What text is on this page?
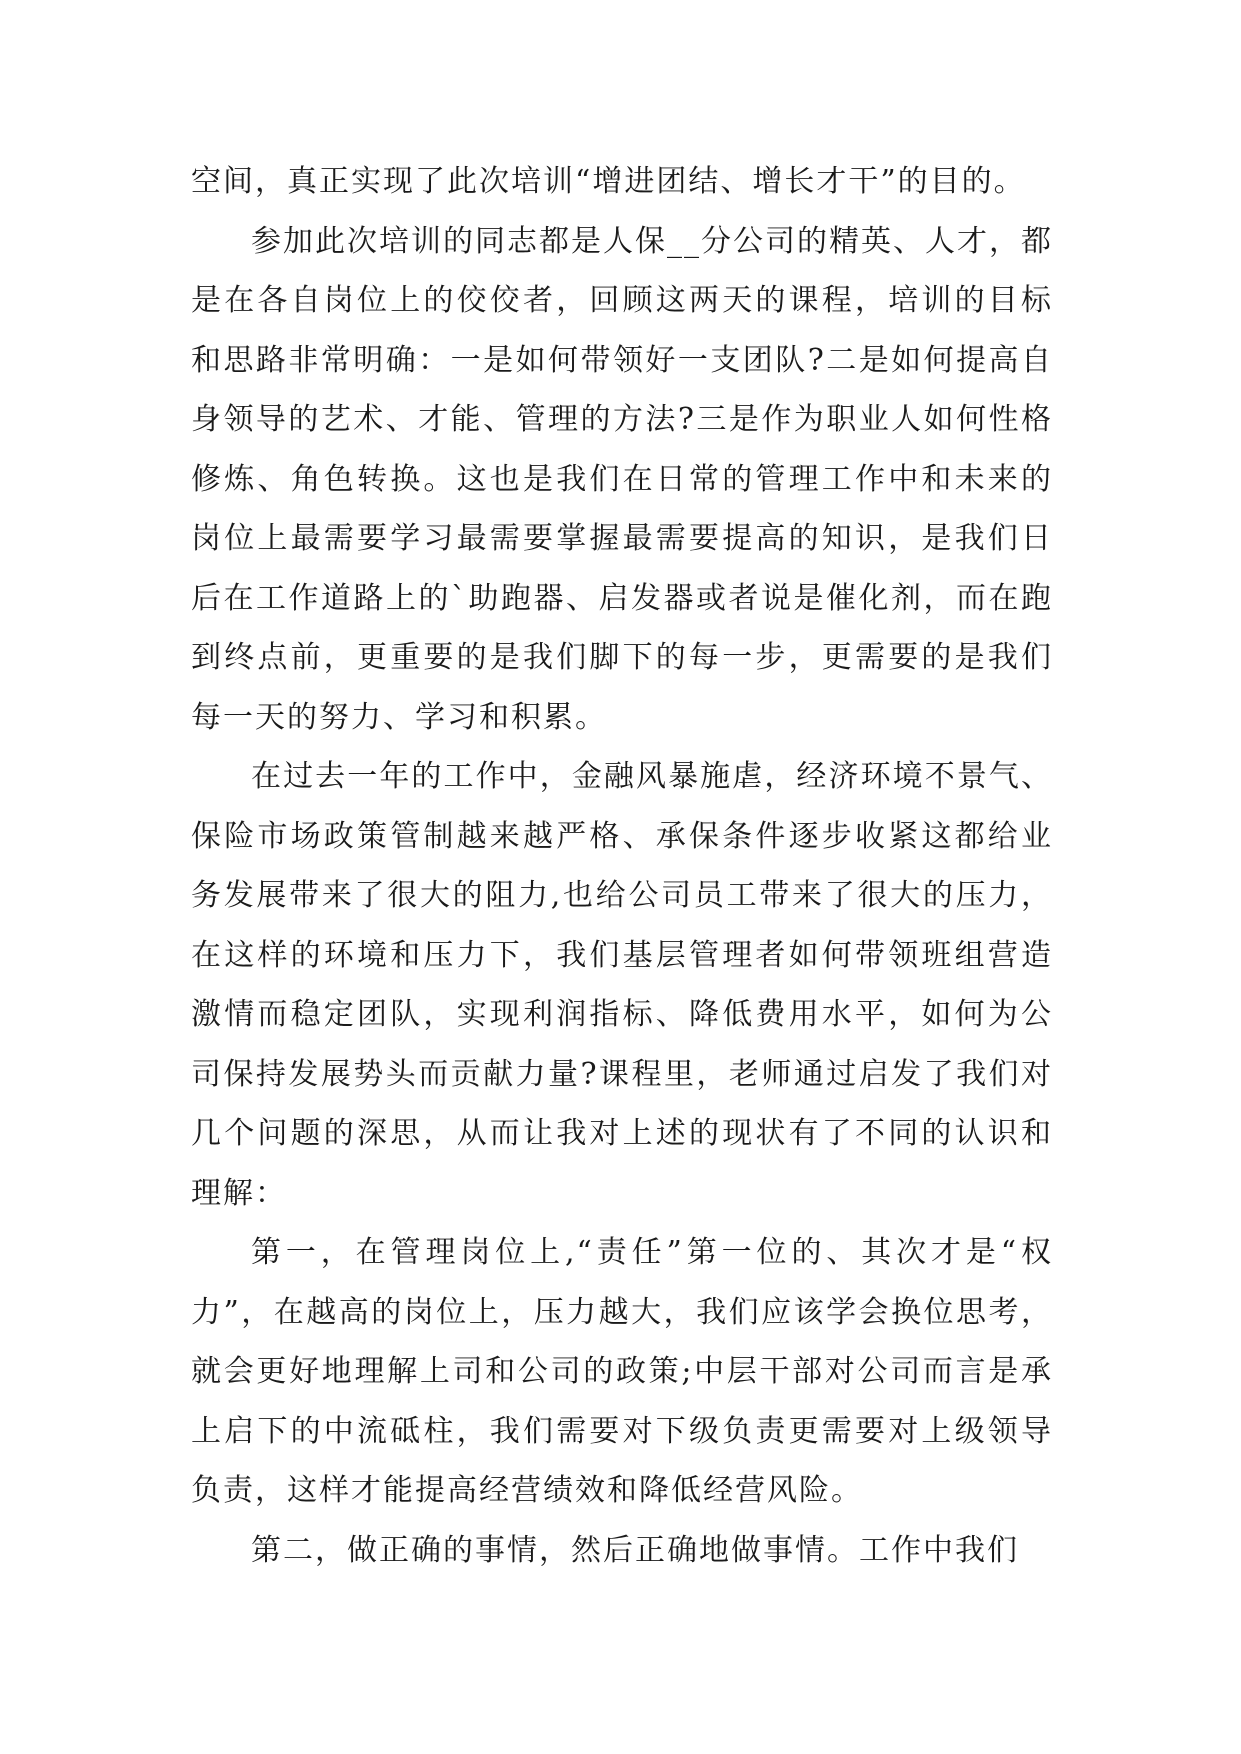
空间，真正实现了此次培训“增进团结、增长才干”的目的。

参加此次培训的同志都是人保__分公司的精英、人才，都是在各自岗位上的佼佼者，回顾这两天的课程，培训的目标和思路非常明确：一是如何带领好一支团队?二是如何提高自身领导的艺术、才能、管理的方法?三是作为职业人如何性格修炼、角色转换。这也是我们在日常的管理工作中和未来的岗位上最需要学习最需要掌握最需要提高的知识，是我们日后在工作道路上的`助跑器、启发器或者说是催化剂，而在跑到终点前，更重要的是我们脚下的每一步，更需要的是我们每一天的努力、学习和积累。

在过去一年的工作中，金融风暴施虐，经济环境不景气、保险市场政策管制越来越严格、承保条件逐步收紧这都给业务发展带来了很大的阻力,也给公司员工带来了很大的压力，在这样的环境和压力下，我们基层管理者如何带领班组营造激情而稳定团队，实现利润指标、降低费用水平，如何为公司保持发展势头而贡献力量?课程里，老师通过启发了我们对几个问题的深思，从而让我对上述的现状有了不同的认识和理解：

第一，在管理岗位上,“责任”第一位的、其次才是“权力”，在越高的岗位上，压力越大，我们应该学会换位思考，就会更好地理解上司和公司的政策;中层干部对公司而言是承上启下的中流砥柱，我们需要对下级负责更需要对上级领导负责，这样才能提高经营绩效和降低经营风险。

第二，做正确的事情，然后正确地做事情。工作中我们
